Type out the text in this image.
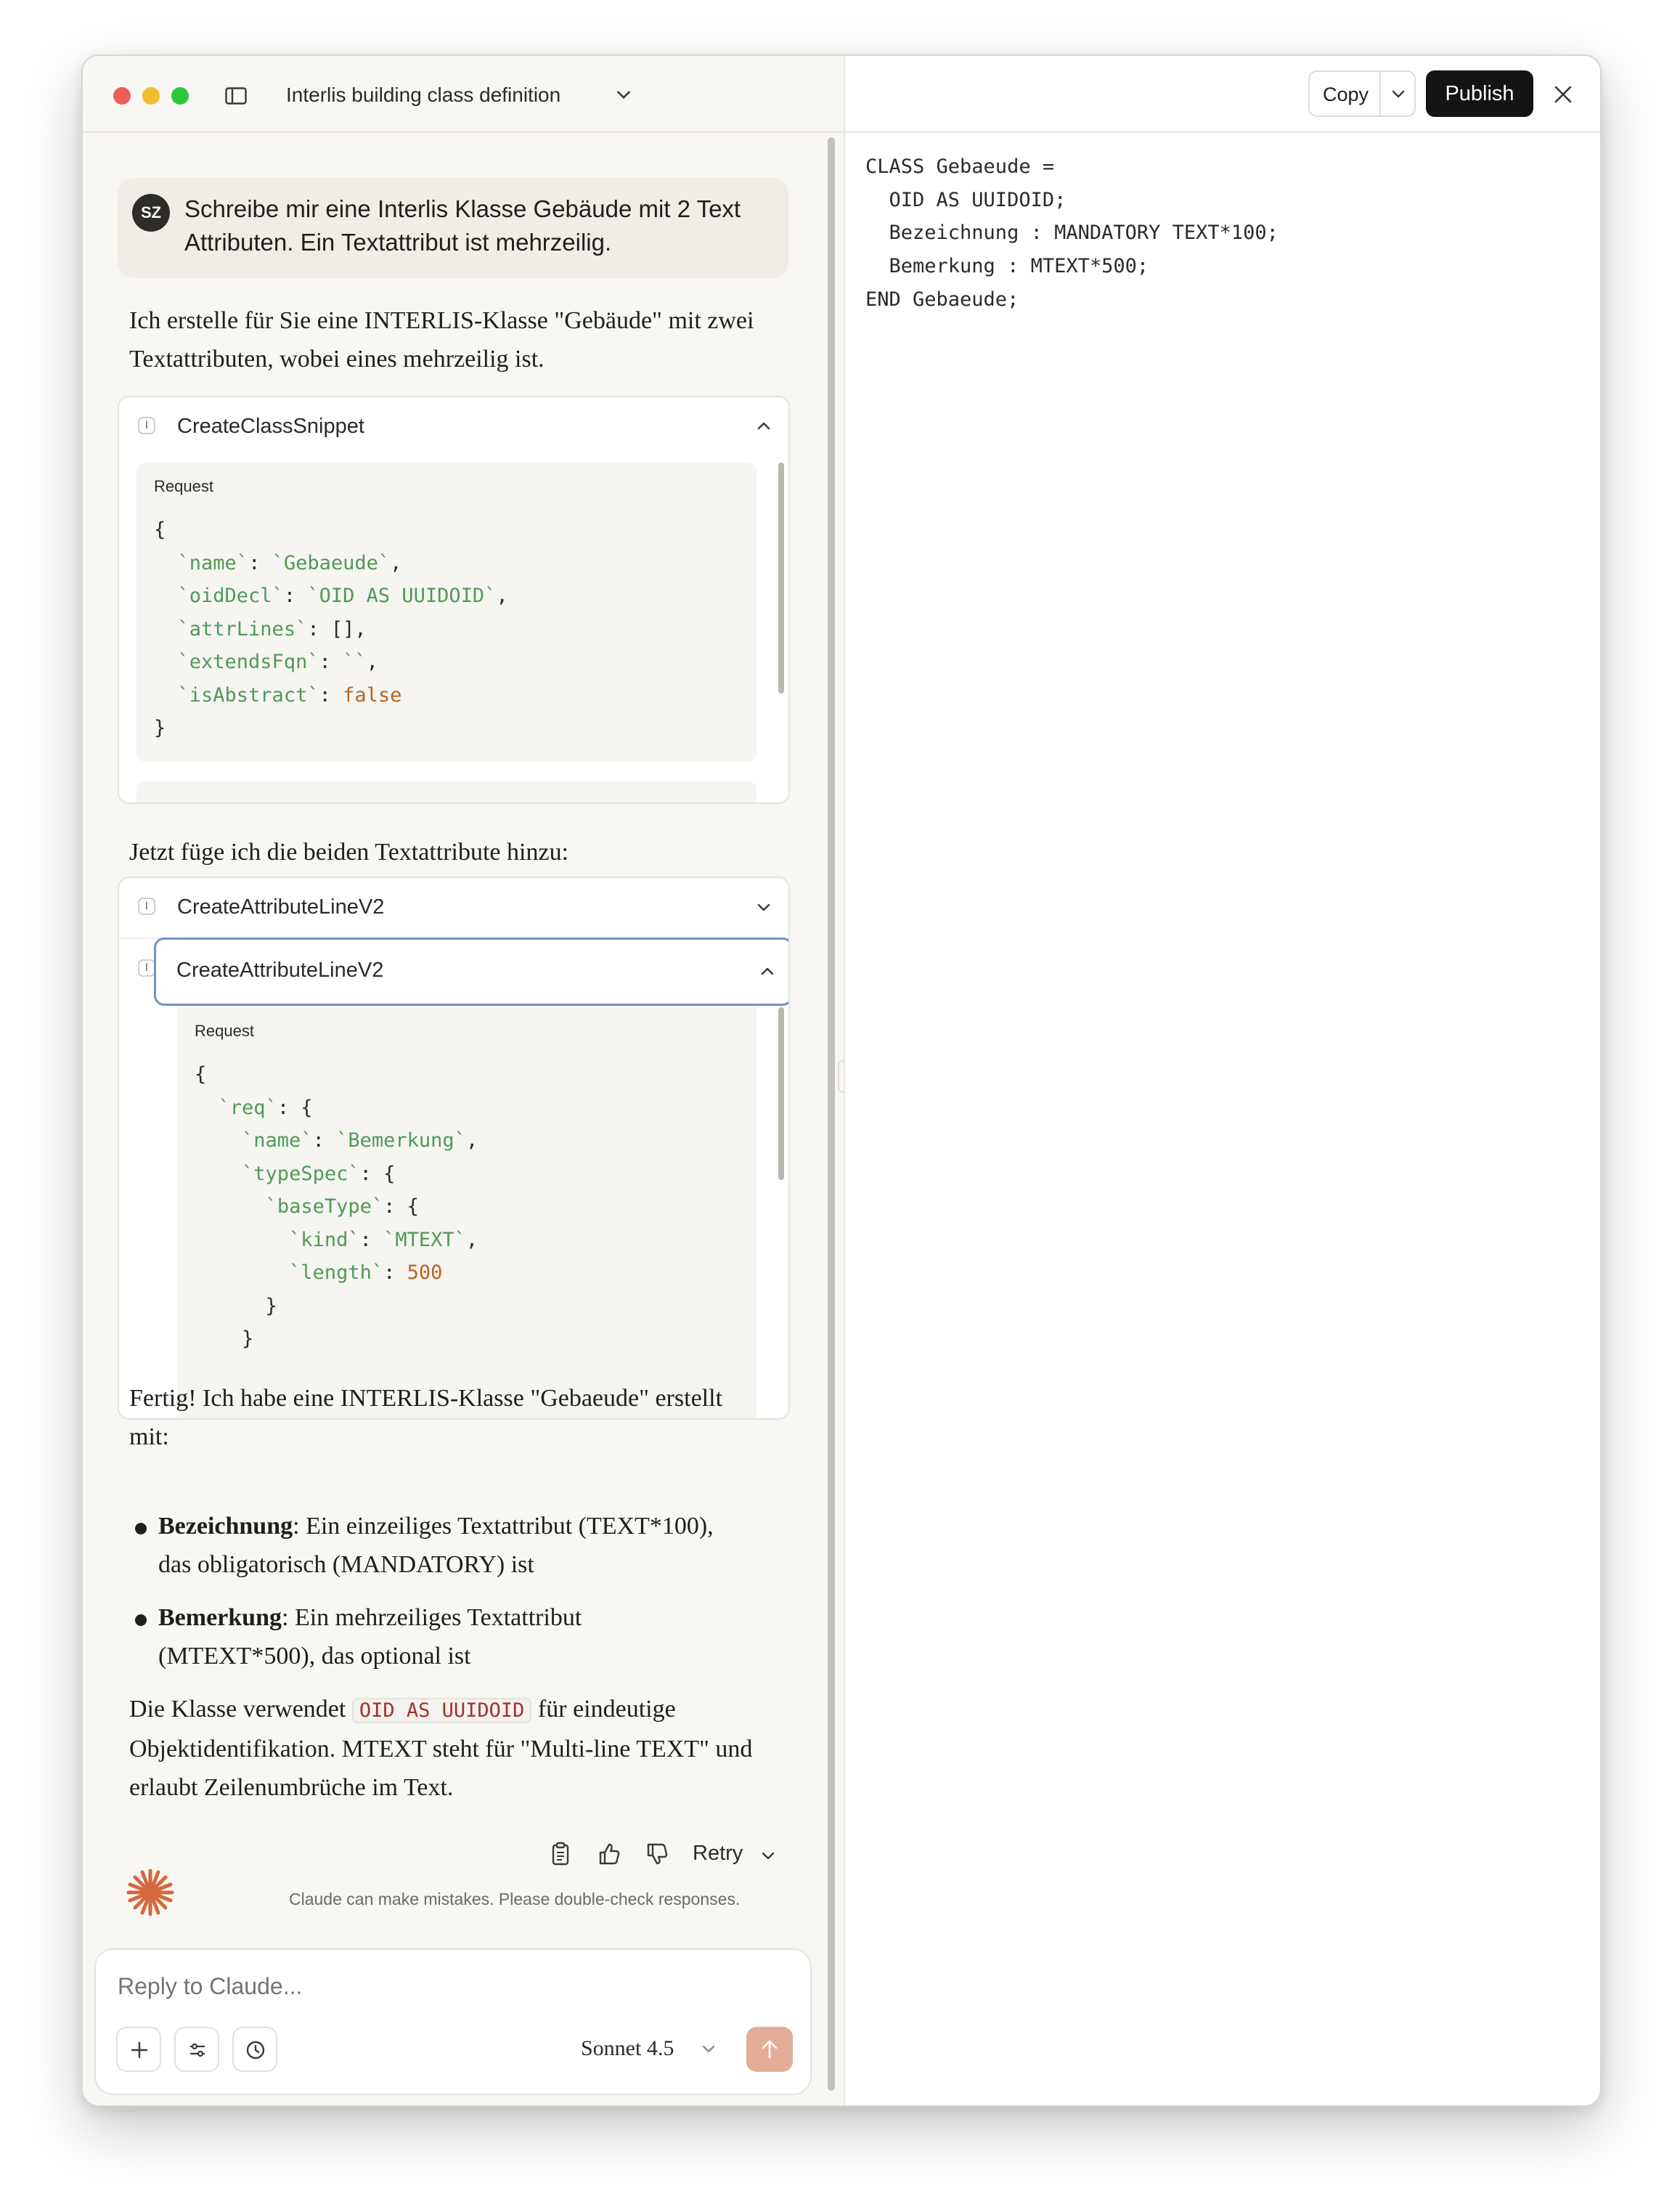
Interlis building class definition
SZ Schreibe mir eine Interlis Klasse Gebäude mit 2 Text Attributen. Ein Textattribut ist mehrzeilig.
Ich erstelle für Sie eine INTERLIS-Klasse "Gebäude" mit zwei Textattributen, wobei eines mehrzeilig ist.
I	CreateClassSnippet
Request
{
`name`: `Gebaeude`,
`oidDecl`: `OID AS UUIDOID`,
`attrLines`: [],
`extendsFqn`: ``,
`isAbstract`: false
}
Jetzt füge ich die beiden Textattribute hinzu:
I	CreateAttributeLineV2
I	CreateAttributeLineV2
Request
{
`req`: {
`name`: `Bemerkung`,
`typeSpec`: {
`baseType`: {
`kind`: `MTEXT`,
`length`: 500
}
}
Fertig! Ich habe eine INTERLIS-Klasse "Gebaeude" erstellt mit:
Bezeichnung: Ein einzeiliges Textattribut (TEXT*100), das obligatorisch (MANDATORY) ist
Bemerkung: Ein mehrzeiliges Textattribut (MTEXT*500), das optional ist
Die Klasse verwendet OID AS UUIDOID für eindeutige Objektidentifikation. MTEXT steht für "Multi-line TEXT" und erlaubt Zeilenumbrüche im Text.
Retry
Claude can make mistakes. Please double-check responses.
Reply to Claude...
Sonnet 4.5
CLASS Gebaeude =
OID AS UUIDOID;
Bezeichnung : MANDATORY TEXT*100;
Bemerkung : MTEXT*500;
END Gebaeude;
Copy	Publish
